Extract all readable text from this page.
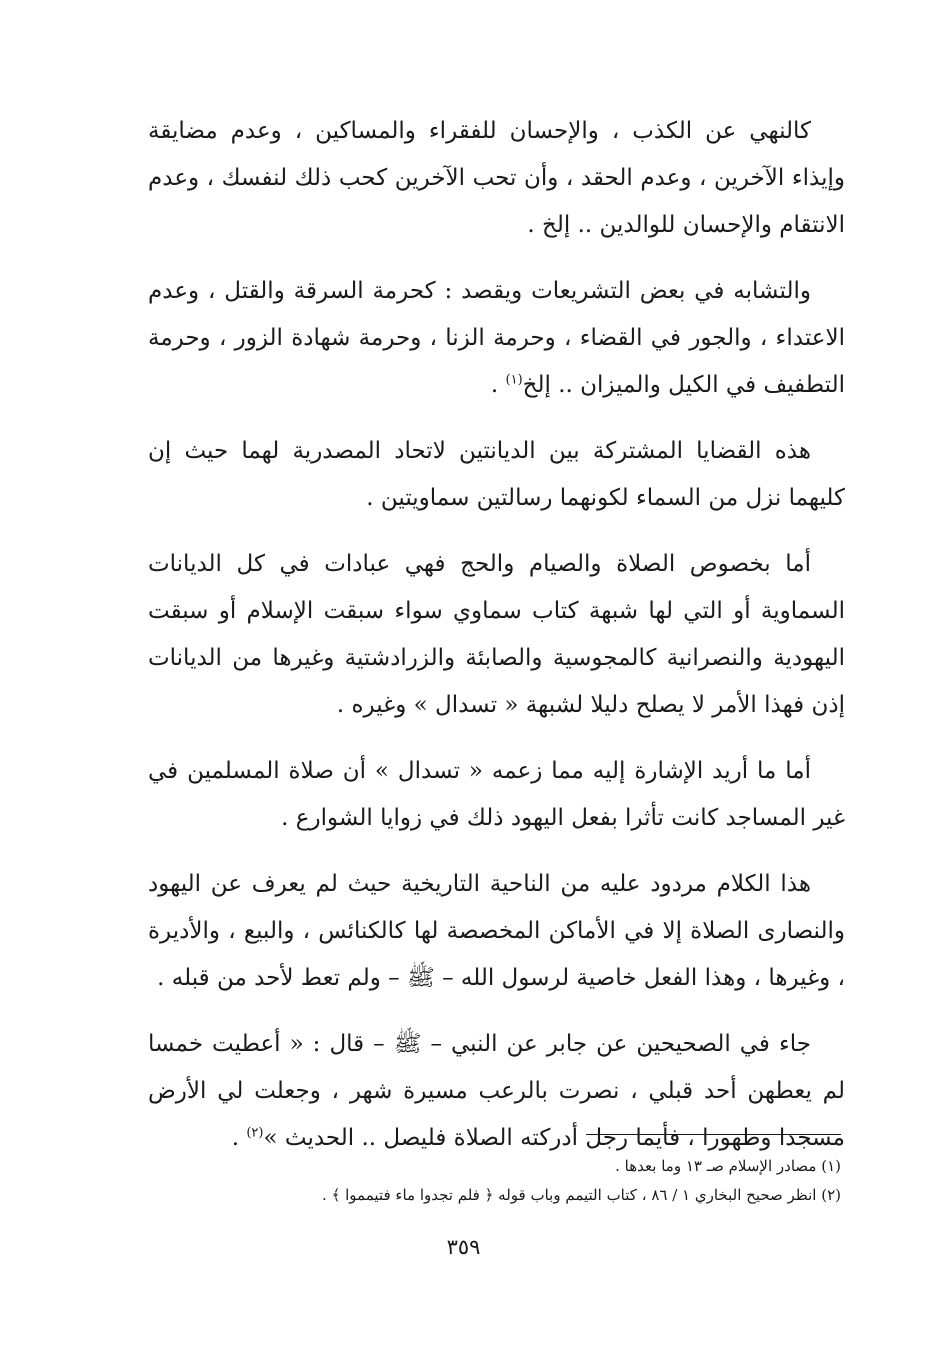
كالنهي عن الكذب ، والإحسان للفقراء والمساكين ، وعدم مضايقة وإيذاء الآخرين ، وعدم الحقد ، وأن تحب الآخرين كحب ذلك لنفسك ، وعدم الانتقام والإحسان للوالدين .. إلخ .

والتشابه في بعض التشريعات ويقصد : كحرمة السرقة والقتل ، وعدم الاعتداء ، والجور في القضاء ، وحرمة الزنا ، وحرمة شهادة الزور ، وحرمة التطفيف في الكيل والميزان .. إلخ$^{(١)}$ .

هذه القضايا المشتركة بين الديانتين لاتحاد المصدرية لهما حيث إن كليهما نزل من السماء لكونهما رسالتين سماويتين .

أما بخصوص الصلاة والصيام والحج فهي عبادات في كل الديانات السماوية أو التي لها شبهة كتاب سماوي سواء سبقت الإسلام أو سبقت اليهودية والنصرانية كالمجوسية والصابئة والزرادشتية وغيرها من الديانات إذن فهذا الأمر لا يصلح دليلا لشبهة « تسدال » وغيره .

أما ما أريد الإشارة إليه مما زعمه « تسدال » أن صلاة المسلمين في غير المساجد كانت تأثرا بفعل اليهود ذلك في زوايا الشوارع .

هذا الكلام مردود عليه من الناحية التاريخية حيث لم يعرف عن اليهود والنصارى الصلاة إلا في الأماكن المخصصة لها كالكنائس ، والبيع ، والأديرة ، وغيرها ، وهذا الفعل خاصية لرسول الله – ﷺ – ولم تعط لأحد من قبله .

جاء في الصحيحين عن جابر عن النبي – ﷺ – قال : « أعطيت خمسا لم يعطهن أحد قبلي ، نصرت بالرعب مسيرة شهر ، وجعلت لي الأرض مسجدا وطهورا ، فأيما رجل أدركته الصلاة فليصل .. الحديث »$^{(٢)}$ .

(١) مصادر الإسلام صـ ١٣ وما بعدها .

(٢) انظر صحيح البخاري ١ / ٨٦ ، كتاب التيمم وباب قوله ﴿ فلم تجدوا ماء فتيمموا ﴾ .

٣٥٩
